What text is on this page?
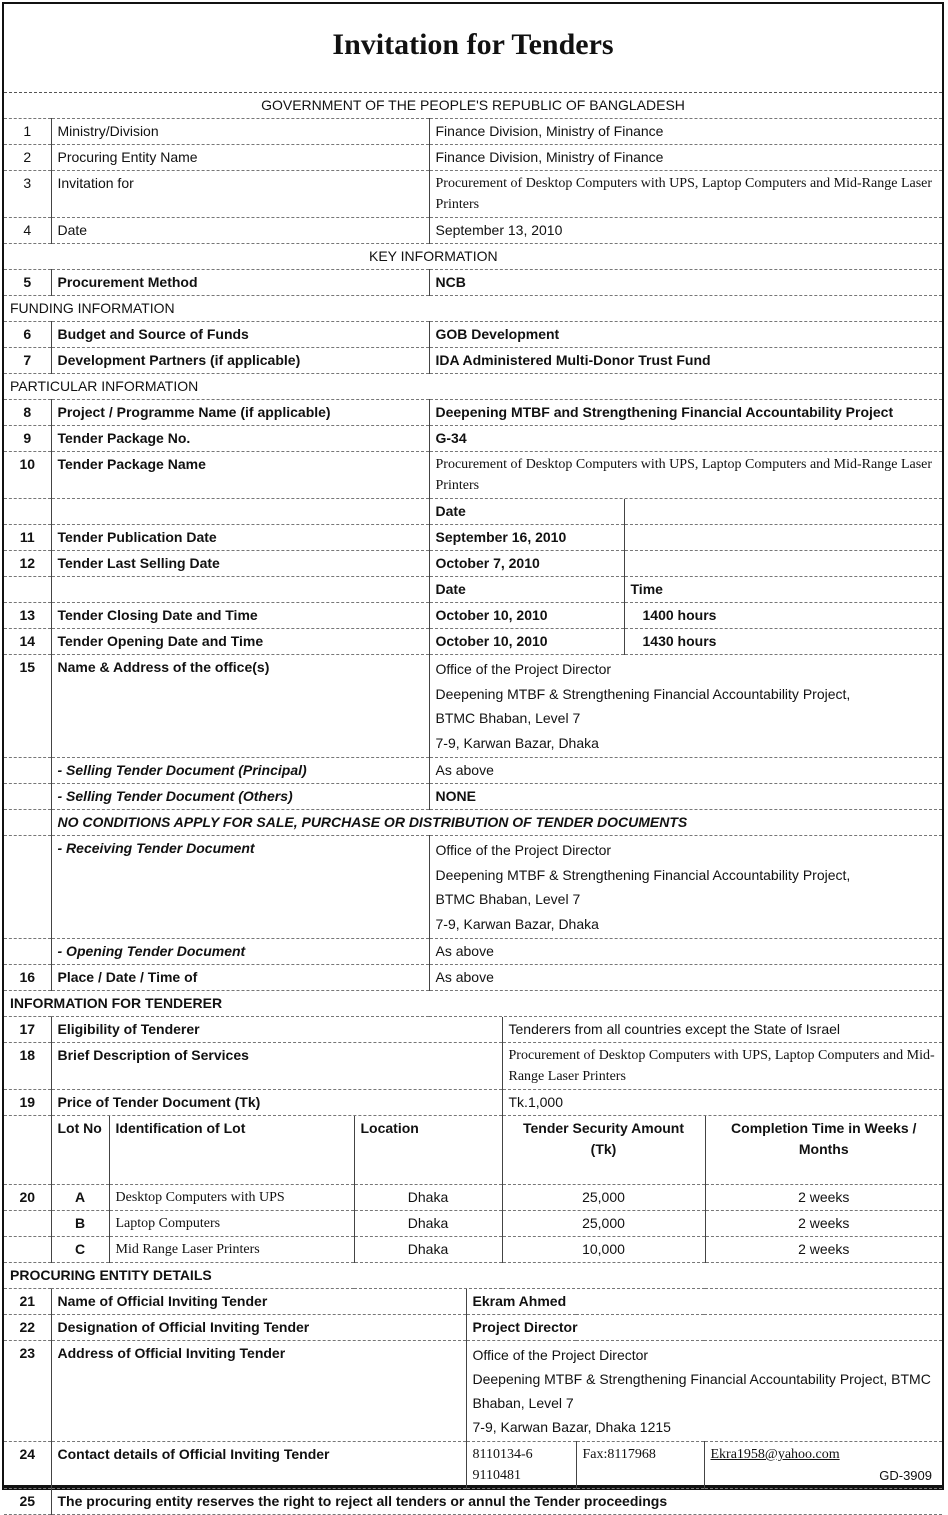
Invitation for Tenders
GOVERNMENT OF THE PEOPLE'S REPUBLIC OF BANGLADESH		
1	Ministry/Division	Finance Division, Ministry of Finance
2	Procuring Entity Name	Finance Division, Ministry of Finance
3	Invitation for	Procurement of Desktop Computers with UPS, Laptop Computers and Mid-Range Laser Printers
4	Date	September 13, 2010
		KEY INFORMATION
5	Procurement Method	NCB
FUNDING INFORMATION		
6	Budget and Source of Funds	GOB Development
7	Development Partners (if applicable)	IDA Administered Multi-Donor Trust Fund
PARTICULAR INFORMATION		
8	Project / Programme Name (if applicable)	Deepening MTBF and Strengthening Financial Accountability Project
9	Tender Package No.	G-34
10	Tender Package Name	Procurement of Desktop Computers with UPS, Laptop Computers and Mid-Range Laser Printers
		Date	
11	Tender Publication Date	September 16, 2010	
12	Tender Last Selling Date	October 7, 2010	
		Date	Time
13	Tender Closing Date and Time	October 10, 2010	1400 hours
14	Tender Opening Date and Time	October 10, 2010	1430 hours
15	Name & Address of the office(s)	Office of the Project Director
Deepening MTBF & Strengthening Financial Accountability Project,
BTMC Bhaban, Level 7
7-9, Karwan Bazar, Dhaka

	- Selling Tender Document (Principal)	As above
	- Selling Tender Document (Others)	NONE
	NO CONDITIONS APPLY FOR SALE, PURCHASE OR DISTRIBUTION OF TENDER DOCUMENTS	
	- Receiving Tender Document	Office of the Project Director
Deepening MTBF & Strengthening Financial Accountability Project,
BTMC Bhaban, Level 7
7-9, Karwan Bazar, Dhaka

	- Opening Tender Document	As above
16	Place / Date / Time of	As above
INFORMATION FOR TENDERER		
17	Eligibility of Tenderer	Tenderers from all countries except the State of Israel
18	Brief Description of Services	Procurement of Desktop Computers with UPS, Laptop Computers and Mid-Range Laser Printers
19	Price of Tender Document (Tk)	Tk.1,000
	Lot No	Identification of Lot	Location	Tender Security Amount (Tk)	Completion Time in Weeks / Months
20	A	Desktop Computers with UPS	Dhaka	25,000	2 weeks
	B	Laptop Computers	Dhaka	25,000	2 weeks
	C	Mid Range Laser Printers	Dhaka	10,000	2 weeks
PROCURING ENTITY DETAILS					
21	Name of Official Inviting Tender	Ekram Ahmed		
22	Designation of Official Inviting Tender	Project Director		
23	Address of Official Inviting Tender	Office of the Project Director
Deepening MTBF & Strengthening Financial Accountability Project, BTMC Bhaban, Level 7
7-9, Karwan Bazar, Dhaka 1215		

24	Contact details of Official Inviting Tender	8110134-6 9110481	Fax:8117968	Ekra1958@yahoo.com
25	The procuring entity reserves the right to reject all tenders or annul the Tender proceedings
GD-3909
